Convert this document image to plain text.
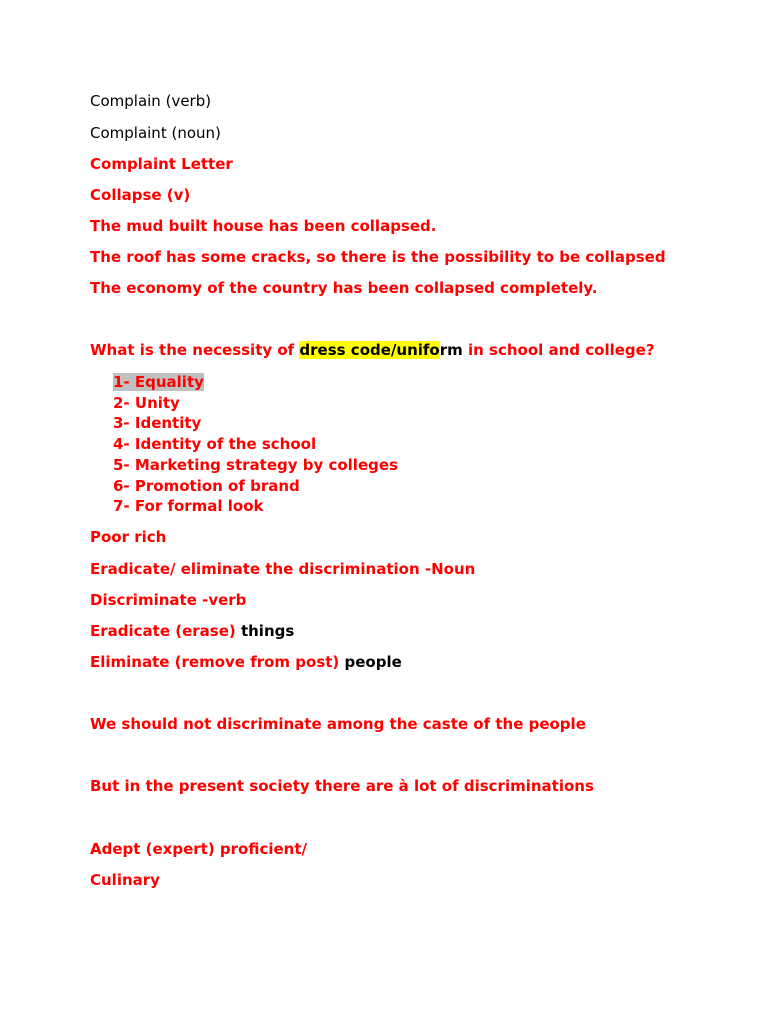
Complain (verb)
Complaint (noun)
Complaint Letter
Collapse (v)
The mud built house has been collapsed.
The roof has some cracks, so there is the possibility to be collapsed
The economy of the country has been collapsed completely.
What is the necessity of dress code/uniform in school and college?
1- Equality
2- Unity
3- Identity
4- Identity of the school
5- Marketing strategy by colleges
6- Promotion of brand
7- For formal look
Poor rich
Eradicate/ eliminate the discrimination -Noun
Discriminate -verb
Eradicate (erase) things
Eliminate (remove from post) people
We should not discriminate among the caste of the people
But in the present society there are à lot of discriminations
Adept (expert) proficient/
Culinary
